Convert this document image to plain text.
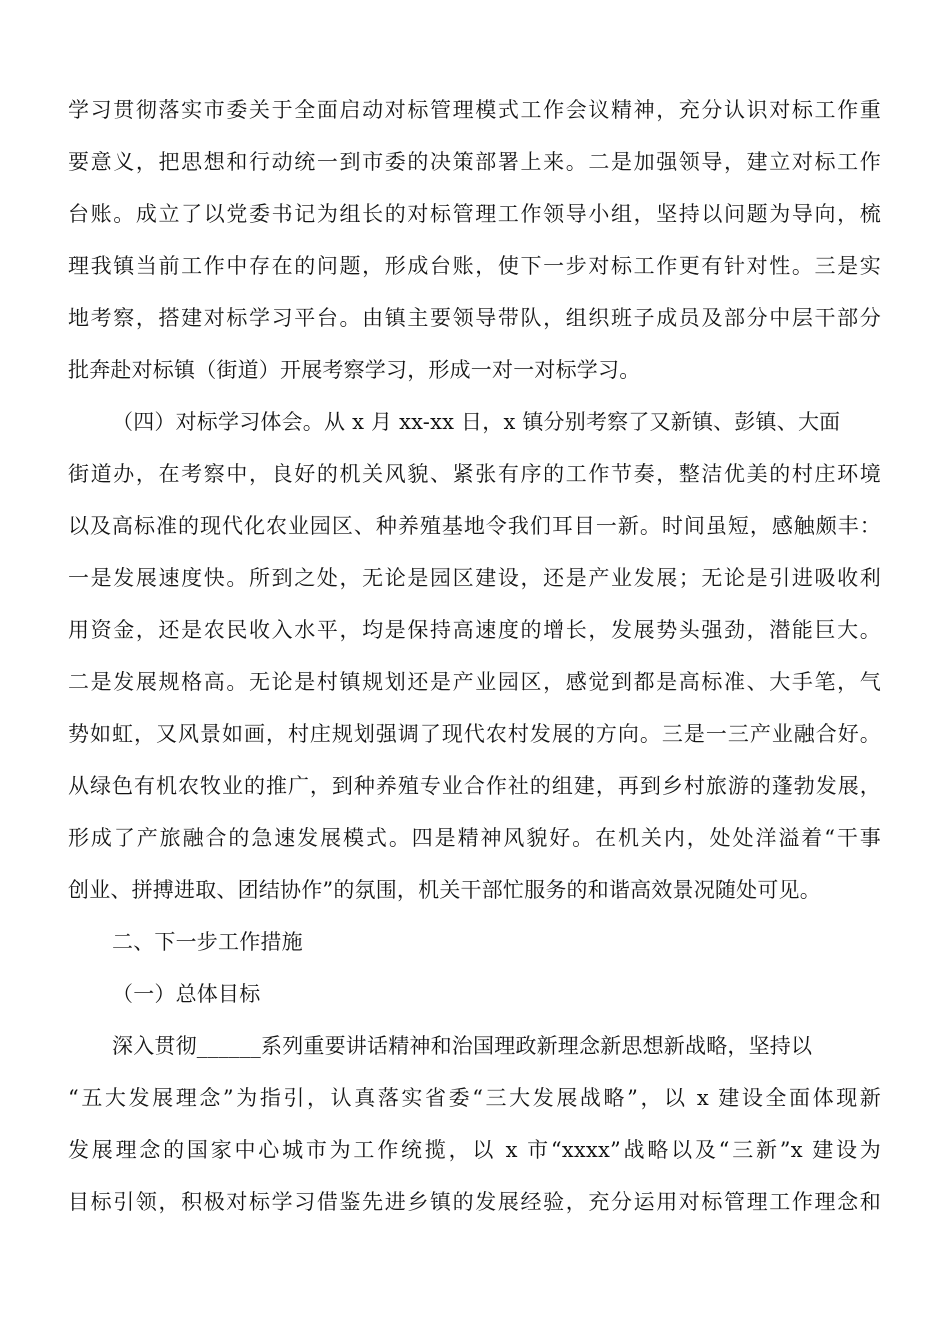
学习贯彻落实市委关于全面启动对标管理模式工作会议精神，充分认识对标工作重
要意义，把思想和行动统一到市委的决策部署上来。二是加强领导，建立对标工作
台账。成立了以党委书记为组长的对标管理工作领导小组，坚持以问题为导向，梳
理我镇当前工作中存在的问题，形成台账，使下一步对标工作更有针对性。三是实
地考察，搭建对标学习平台。由镇主要领导带队，组织班子成员及部分中层干部分
批奔赴对标镇（街道）开展考察学习，形成一对一对标学习。
（四）对标学习体会。从 x 月 xx-xx 日，x 镇分别考察了又新镇、彭镇、大面
街道办，在考察中，良好的机关风貌、紧张有序的工作节奏，整洁优美的村庄环境
以及高标准的现代化农业园区、种养殖基地令我们耳目一新。时间虽短，感触颇丰：
一是发展速度快。所到之处，无论是园区建设，还是产业发展；无论是引进吸收利
用资金，还是农民收入水平，均是保持高速度的增长，发展势头强劲，潜能巨大。
二是发展规格高。无论是村镇规划还是产业园区，感觉到都是高标准、大手笔，气
势如虹，又风景如画，村庄规划强调了现代农村发展的方向。三是一三产业融合好。
从绿色有机农牧业的推广，到种养殖专业合作社的组建，再到乡村旅游的蓬勃发展，
形成了产旅融合的急速发展模式。四是精神风貌好。在机关内，处处洋溢着“干事
创业、拼搏进取、团结协作”的氛围，机关干部忙服务的和谐高效景况随处可见。
二、下一步工作措施
（一）总体目标
深入贯彻______系列重要讲话精神和治国理政新理念新思想新战略，坚持以
“五大发展理念”为指引，认真落实省委“三大发展战略”，以 x 建设全面体现新
发展理念的国家中心城市为工作统揽，以 x 市“xxxx”战略以及“三新”x 建设为
目标引领，积极对标学习借鉴先进乡镇的发展经验，充分运用对标管理工作理念和
